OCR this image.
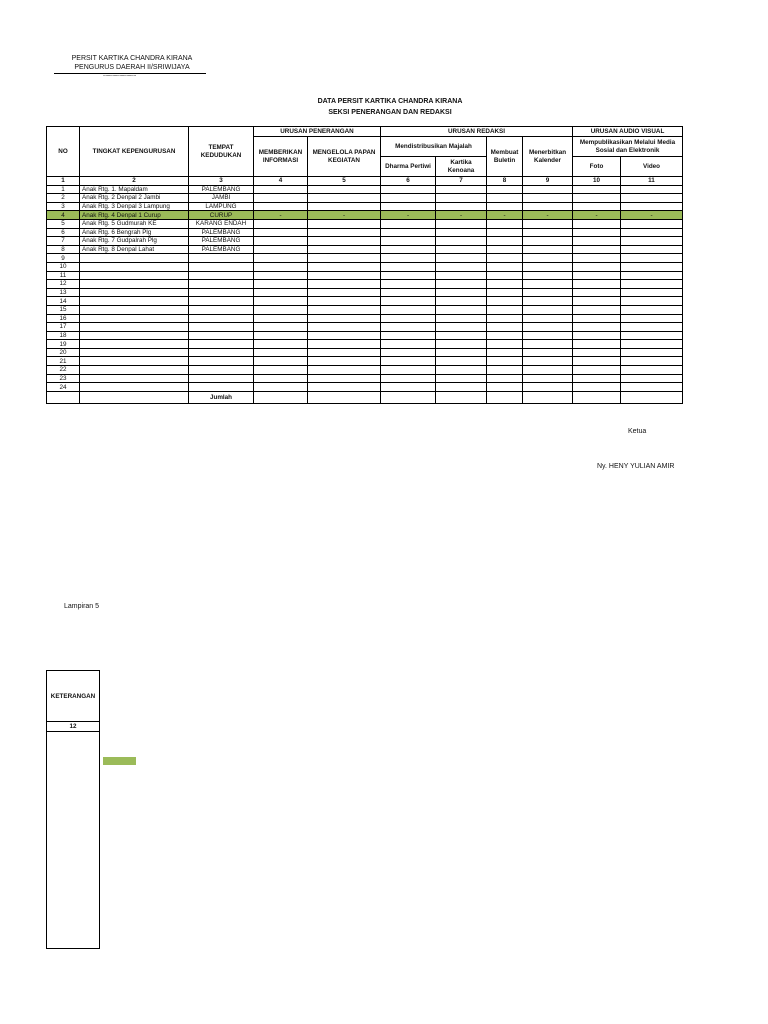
PERSIT KARTIKA CHANDRA KIRANA
PENGURUS DAERAH II/SRIWIJAYA
............................
DATA PERSIT KARTIKA CHANDRA KIRANA
SEKSI PENERANGAN DAN REDAKSI
NO	TINGKAT KEPENGURUSAN	TEMPAT KEDUDUKAN	URUSAN PENERANGAN		URUSAN REDAKSI				URUSAN AUDIO VISUAL	
			MEMBERIKAN INFORMASI	MENGELOLA PAPAN KEGIATAN	Mendistribusikan Majalah		Membuat Buletin	Menerbitkan Kalender	Mempublikasikan Melalui Media Sosial dan Elektronik	
					Dharma Pertiwi	Kartika Kenoana			Foto	Video
1	2	3	4	5	6	7	8	9	10	11
1	Anak Rtg. 1. Mapaldam	PALEMBANG								
2	Anak Rtg. 2 Denpal 2 Jambi	JAMBI								
3	Anak Rtg. 3 Denpal 3 Lampung	LAMPUNG								
4	Anak Rtg. 4 Denpal 1 Curup	CURUP	-	-	-	-	-	-	-	-
5	Anak Rtg. 5 Gudmurah KE	KARANG ENDAH								
6	Anak Rtg. 6 Bengrah Plg	PALEMBANG								
7	Anak Rtg. 7 Gudpalrah Plg	PALEMBANG								
8	Anak Rtg. 8 Denpal Lahat	PALEMBANG								
9										
10										
11										
12										
13										
14										
15										
16										
17										
18										
19										
20										
21										
22										
23										
24										
		Jumlah								
Ketua
Ny. HENY YULIAN AMIR
Lampiran 5
KETERANGAN
12
